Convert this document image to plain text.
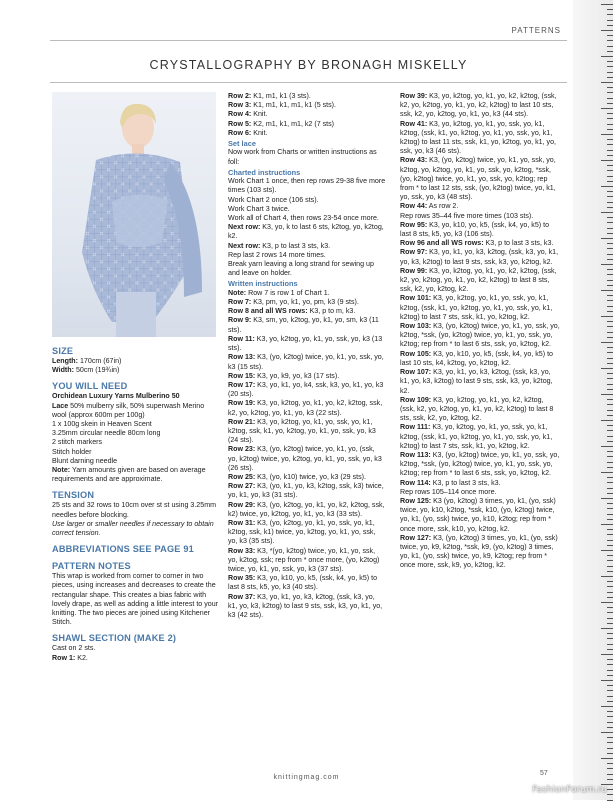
PATTERNS
CRYSTALLOGRAPHY BY BRONAGH MISKELLY
SIZE
Length: 170cm (67in)
Width: 50cm (19¾in)
YOU WILL NEED
Orchidean Luxury Yarns Mulberino 50
Lace 50% mulberry silk, 50% superwash Merino wool (approx 600m per 100g)
1 x 100g skein in Heaven Scent
3.25mm circular needle 80cm long
2 stitch markers
Stitch holder
Blunt darning needle
Note: Yarn amounts given are based on average requirements and are approximate.
TENSION
25 sts and 32 rows to 10cm over st st using 3.25mm needles before blocking.
Use larger or smaller needles if necessary to obtain correct tension.
ABBREVIATIONS SEE PAGE 91
PATTERN NOTES
This wrap is worked from corner to corner in two pieces, using increases and decreases to create the rectangular shape. This creates a bias fabric with lovely drape, as well as adding a little interest to your knitting. The two pieces are joined using Kitchener Stitch.
SHAWL SECTION (MAKE 2)
Cast on 2 sts.
Row 1: K2.
Row 2: K1, m1, k1 (3 sts).
Row 3: K1, m1, k1, m1, k1 (5 sts).
Row 4: Knit.
Row 5: K2, m1, k1, m1, k2 (7 sts)
Row 6: Knit.
Set lace
Now work from Charts or written instructions as foll:
Charted instructions
Work Chart 1 once, then rep rows 29-38 five more times (103 sts).
Work Chart 2 once (106 sts).
Work Chart 3 twice.
Work all of Chart 4, then rows 23-54 once more.
Next row: K3, yo, k to last 6 sts, k2tog, yo, k2tog, k2.
Next row: K3, p to last 3 sts, k3.
Rep last 2 rows 14 more times.
Break yarn leaving a long strand for sewing up and leave on holder.
Written instructions
Note: Row 7 is row 1 of Chart 1.
Row 7: K3, pm, yo, k1, yo, pm, k3 (9 sts).
Row 8 and all WS rows: K3, p to m, k3.
Row 9: K3, sm, yo, k2tog, yo, k1, yo, sm, k3 (11 sts).
Row 11: K3, yo, k2tog, yo, k1, yo, ssk, yo, k3 (13 sts).
Row 13: K3, (yo, k2tog) twice, yo, k1, yo, ssk, yo, k3 (15 sts).
Row 15: K3, yo, k9, yo, k3 (17 sts).
Row 17: K3, yo, k1, yo, k4, ssk, k3, yo, k1, yo, k3 (20 sts).
Row 19: K3, yo, k2tog, yo, k1, yo, k2, k2tog, ssk, k2, yo, k2tog, yo, k1, yo, k3 (22 sts).
Row 21: K3, yo, k2tog, yo, k1, yo, ssk, yo, k1, k2tog, ssk, k1, yo, k2tog, yo, k1, yo, ssk, yo, k3 (24 sts).
Row 23: K3, (yo, k2tog) twice, yo, k1, yo, (ssk, yo, k2tog) twice, yo, k2tog, yo, k1, yo, ssk, yo, k3 (26 sts).
Row 25: K3, (yo, k10) twice, yo, k3 (29 sts).
Row 27: K3, (yo, k1, yo, k3, k2tog, ssk, k3) twice, yo, k1, yo, k3 (31 sts).
Row 29: K3, (yo, k2tog, yo, k1, yo, k2, k2tog, ssk, k2) twice, yo, k2tog, yo, k1, yo, k3 (33 sts).
Row 31: K3, (yo, k2tog, yo, k1, yo, ssk, yo, k1, k2tog, ssk, k1) twice, yo, k2tog, yo, k1, yo, ssk, yo, k3 (35 sts).
Row 33: K3, *(yo, k2tog) twice, yo, k1, yo, ssk, yo, k2tog, ssk; rep from * once more, (yo, k2tog) twice, yo, k1, yo, ssk, yo, k3 (37 sts).
Row 35: K3, yo, k10, yo, k5, (ssk, k4, yo, k5) to last 8 sts, k5, yo, k3 (40 sts).
Row 37: K3, yo, k1, yo, k3, k2tog, (ssk, k3, yo, k1, yo, k3, k2tog) to last 9 sts, ssk, k3, yo, k1, yo, k3 (42 sts).
Row 39: K3, yo, k2tog, yo, k1, yo, k2, k2tog, (ssk, k2, yo, k2tog, yo, k1, yo, k2, k2tog) to last 10 sts, ssk, k2, yo, k2tog, yo, k1, yo, k3 (44 sts).
Row 41: K3, yo, k2tog, yo, k1, yo, ssk, yo, k1, k2tog, (ssk, k1, yo, k2tog, yo, k1, yo, ssk, yo, k1, k2tog) to last 11 sts, ssk, k1, yo, k2tog, yo, k1, yo, ssk, yo, k3 (46 sts).
Row 43: K3, (yo, k2tog) twice, yo, k1, yo, ssk, yo, k2tog, yo, k2tog, yo, k1, yo, ssk, yo, k2tog, *ssk, (yo, k2tog) twice, yo, k1, yo, ssk, yo, k2tog; rep from * to last 12 sts, ssk, (yo, k2tog) twice, yo, k1, yo, ssk, yo, k3 (48 sts).
Row 44: As row 2.
Rep rows 35–44 five more times (103 sts).
Row 95: K3, yo, k10, yo, k5, (ssk, k4, yo, k5) to last 8 sts, k5, yo, k3 (106 sts).
Row 96 and all WS rows: K3, p to last 3 sts, k3.
Row 97: K3, yo, k1, yo, k3, k2tog, (ssk, k3, yo, k1, yo, k3, k2tog) to last 9 sts, ssk, k3, yo, k2tog, k2.
Row 99: K3, yo, k2tog, yo, k1, yo, k2, k2tog, (ssk, k2, yo, k2tog, yo, k1, yo, k2, k2tog) to last 8 sts, ssk, k2, yo, k2tog, k2.
Row 101: K3, yo, k2tog, yo, k1, yo, ssk, yo, k1, k2tog, (ssk, k1, yo, k2tog, yo, k1, yo, ssk, yo, k1, k2tog) to last 7 sts, ssk, k1, yo, k2tog, k2.
Row 103: K3, (yo, k2tog) twice, yo, k1, yo, ssk, yo, k2tog, *ssk, (yo, k2tog) twice, yo, k1, yo, ssk, yo, k2tog; rep from * to last 6 sts, ssk, yo, k2tog, k2.
Row 105: K3, yo, k10, yo, k5, (ssk, k4, yo, k5) to last 10 sts, k4, k2tog, yo, k2tog, k2.
Row 107: K3, yo, k1, yo, k3, k2tog, (ssk, k3, yo, k1, yo, k3, k2tog) to last 9 sts, ssk, k3, yo, k2tog, k2.
Row 109: K3, yo, k2tog, yo, k1, yo, k2, k2tog, (ssk, k2, yo, k2tog, yo, k1, yo, k2, k2tog) to last 8 sts, ssk, k2, yo, k2tog, k2.
Row 111: K3, yo, k2tog, yo, k1, yo, ssk, yo, k1, k2tog, (ssk, k1, yo, k2tog, yo, k1, yo, ssk, yo, k1, k2tog) to last 7 sts, ssk, k1, yo, k2tog, k2.
Row 113: K3, (yo, k2tog) twice, yo, k1, yo, ssk, yo, k2tog, *ssk, (yo, k2tog) twice, yo, k1, yo, ssk, yo, k2tog; rep from * to last 6 sts, ssk, yo, k2tog, k2.
Row 114: K3, p to last 3 sts, k3.
Rep rows 105–114 once more.
Row 125: K3 (yo, k2tog) 3 times, yo, k1, (yo, ssk) twice, yo, k10, k2tog, *ssk, k10, (yo, k2tog) twice, yo, k1, (yo, ssk) twice, yo, k10, k2tog; rep from * once more, ssk, k10, yo, k2tog, k2.
Row 127: K3, (yo, k2tog) 3 times, yo, k1, (yo, ssk) twice, yo, k9, k2tog, *ssk, k9, (yo, k2tog) 3 times, yo, k1, (yo, ssk) twice, yo, k9, k2tog; rep from * once more, ssk, k9, yo, k2tog, k2.
knittingmag.com
57
FashionForum.ru
